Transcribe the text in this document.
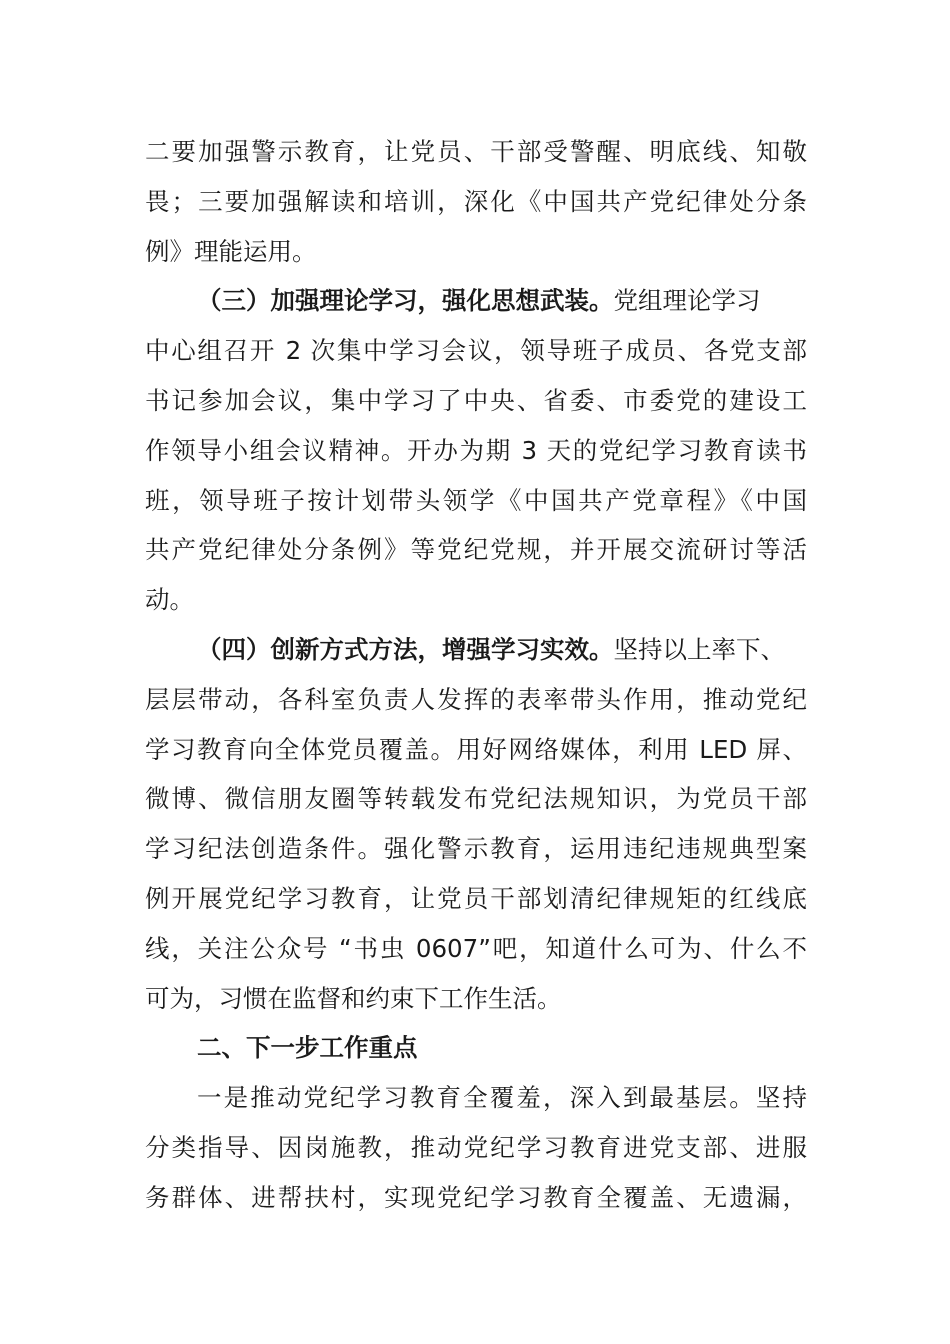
二要加强警示教育，让党员、干部受警醒、明底线、知敬
畏；三要加强解读和培训，深化《中国共产党纪律处分条
例》理能运用。
（三）加强理论学习，强化思想武装。党组理论学习
中心组召开 2 次集中学习会议，领导班子成员、各党支部
书记参加会议，集中学习了中央、省委、市委党的建设工
作领导小组会议精神。开办为期 3 天的党纪学习教育读书
班，领导班子按计划带头领学《中国共产党章程》《中国
共产党纪律处分条例》等党纪党规，并开展交流研讨等活
动。
（四）创新方式方法，增强学习实效。坚持以上率下、
层层带动，各科室负责人发挥的表率带头作用，推动党纪
学习教育向全体党员覆盖。用好网络媒体，利用 LED 屏、
微博、微信朋友圈等转载发布党纪法规知识，为党员干部
学习纪法创造条件。强化警示教育，运用违纪违规典型案
例开展党纪学习教育，让党员干部划清纪律规矩的红线底
线，关注公众号 “书虫 0607”吧，知道什么可为、什么不
可为，习惯在监督和约束下工作生活。
二、下一步工作重点
一是推动党纪学习教育全覆羞，深入到最基层。坚持
分类指导、因岗施教，推动党纪学习教育进党支部、进服
务群体、进帮扶村，实现党纪学习教育全覆盖、无遗漏，
